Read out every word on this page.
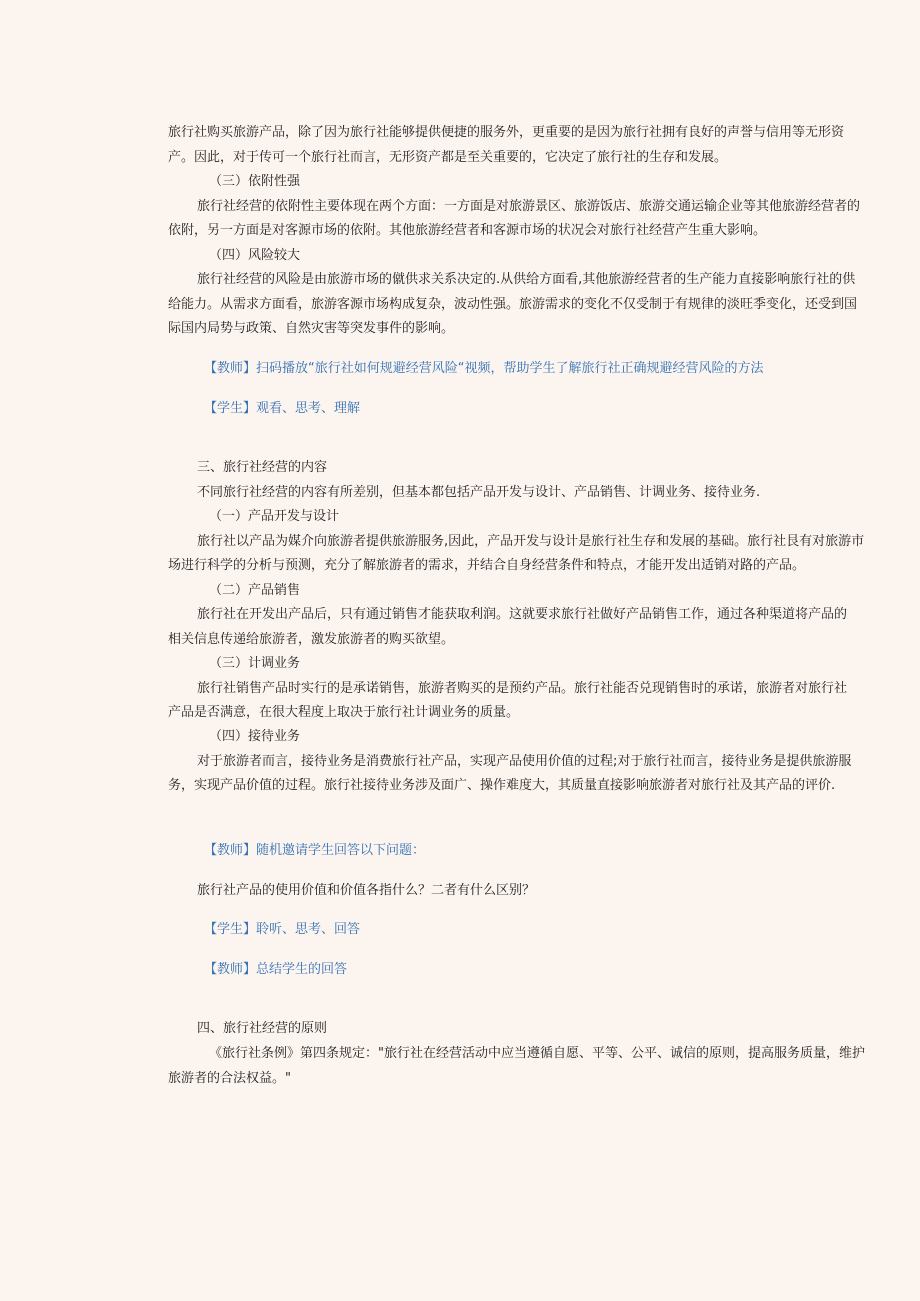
旅行社购买旅游产品，除了因为旅行社能够提供便捷的服务外，更重要的是因为旅行社拥有良好的声誉与信用等无形资
产。因此，对于传可一个旅行社而言，无形资产都是至关重要的，它决定了旅行社的生存和发展。
（三）依附性强
旅行社经营的依附性主要体现在两个方面：一方面是对旅游景区、旅游饭店、旅游交通运输企业等其他旅游经营者的
依附，另一方面是对客源市场的依附。其他旅游经营者和客源市场的状况会对旅行社经营产生重大影响。
（四）风险较大
旅行社经营的风险是由旅游市场的僦供求关系决定的.从供给方面看,其他旅游经营者的生产能力直接影响旅行社的供
给能力。从需求方面看，旅游客源市场构成复杂，波动性强。旅游需求的变化不仅受制于有规律的淡旺季变化，还受到国
际国内局势与政策、自然灾害等突发事件的影响。
【教师】扫码播放“旅行社如何规避经营风险“视频，帮助学生了解旅行社正确规避经营风险的方法
【学生】观看、思考、理解
三、旅行社经营的内容
不同旅行社经营的内容有所差别，但基本都包括产品开发与设计、产品销售、计调业务、接待业务.
（一）产品开发与设计
旅行社以产品为媒介向旅游者提供旅游服务,因此，产品开发与设计是旅行社生存和发展的基础。旅行社艮有对旅游市
场进行科学的分析与预测，充分了解旅游者的需求，并结合自身经营条件和特点，才能开发出适销对路的产品。
（二）产品销售
旅行社在开发出产品后，只有通过销售才能获取利润。这就要求旅行社做好产品销售工作，通过各种渠道将产品的
相关信息传递给旅游者，激发旅游者的购买欲望。
（三）计调业务
旅行社销售产品时实行的是承诺销售，旅游者购买的是预约产品。旅行社能否兑现销售时的承诺，旅游者对旅行社
产品是否满意，在很大程度上取决于旅行社计调业务的质量。
（四）接待业务
对于旅游者而言，接待业务是消费旅行社产品，实现产品使用价值的过程;对于旅行社而言，接待业务是提供旅游服
务，实现产品价值的过程。旅行社接待业务涉及面广、操作难度大，其质量直接影响旅游者对旅行社及其产品的评价.
【教师】随机邀请学生回答以下问题：
旅行社产品的使用价值和价值各指什么？二者有什么区别？
【学生】聆听、思考、回答
【教师】总结学生的回答
四、旅行社经营的原则
《旅行社条例》第四条规定："旅行社在经营活动中应当遵循自愿、平等、公平、诚信的原则，提高服务质量，维护
旅游者的合法权益。"
